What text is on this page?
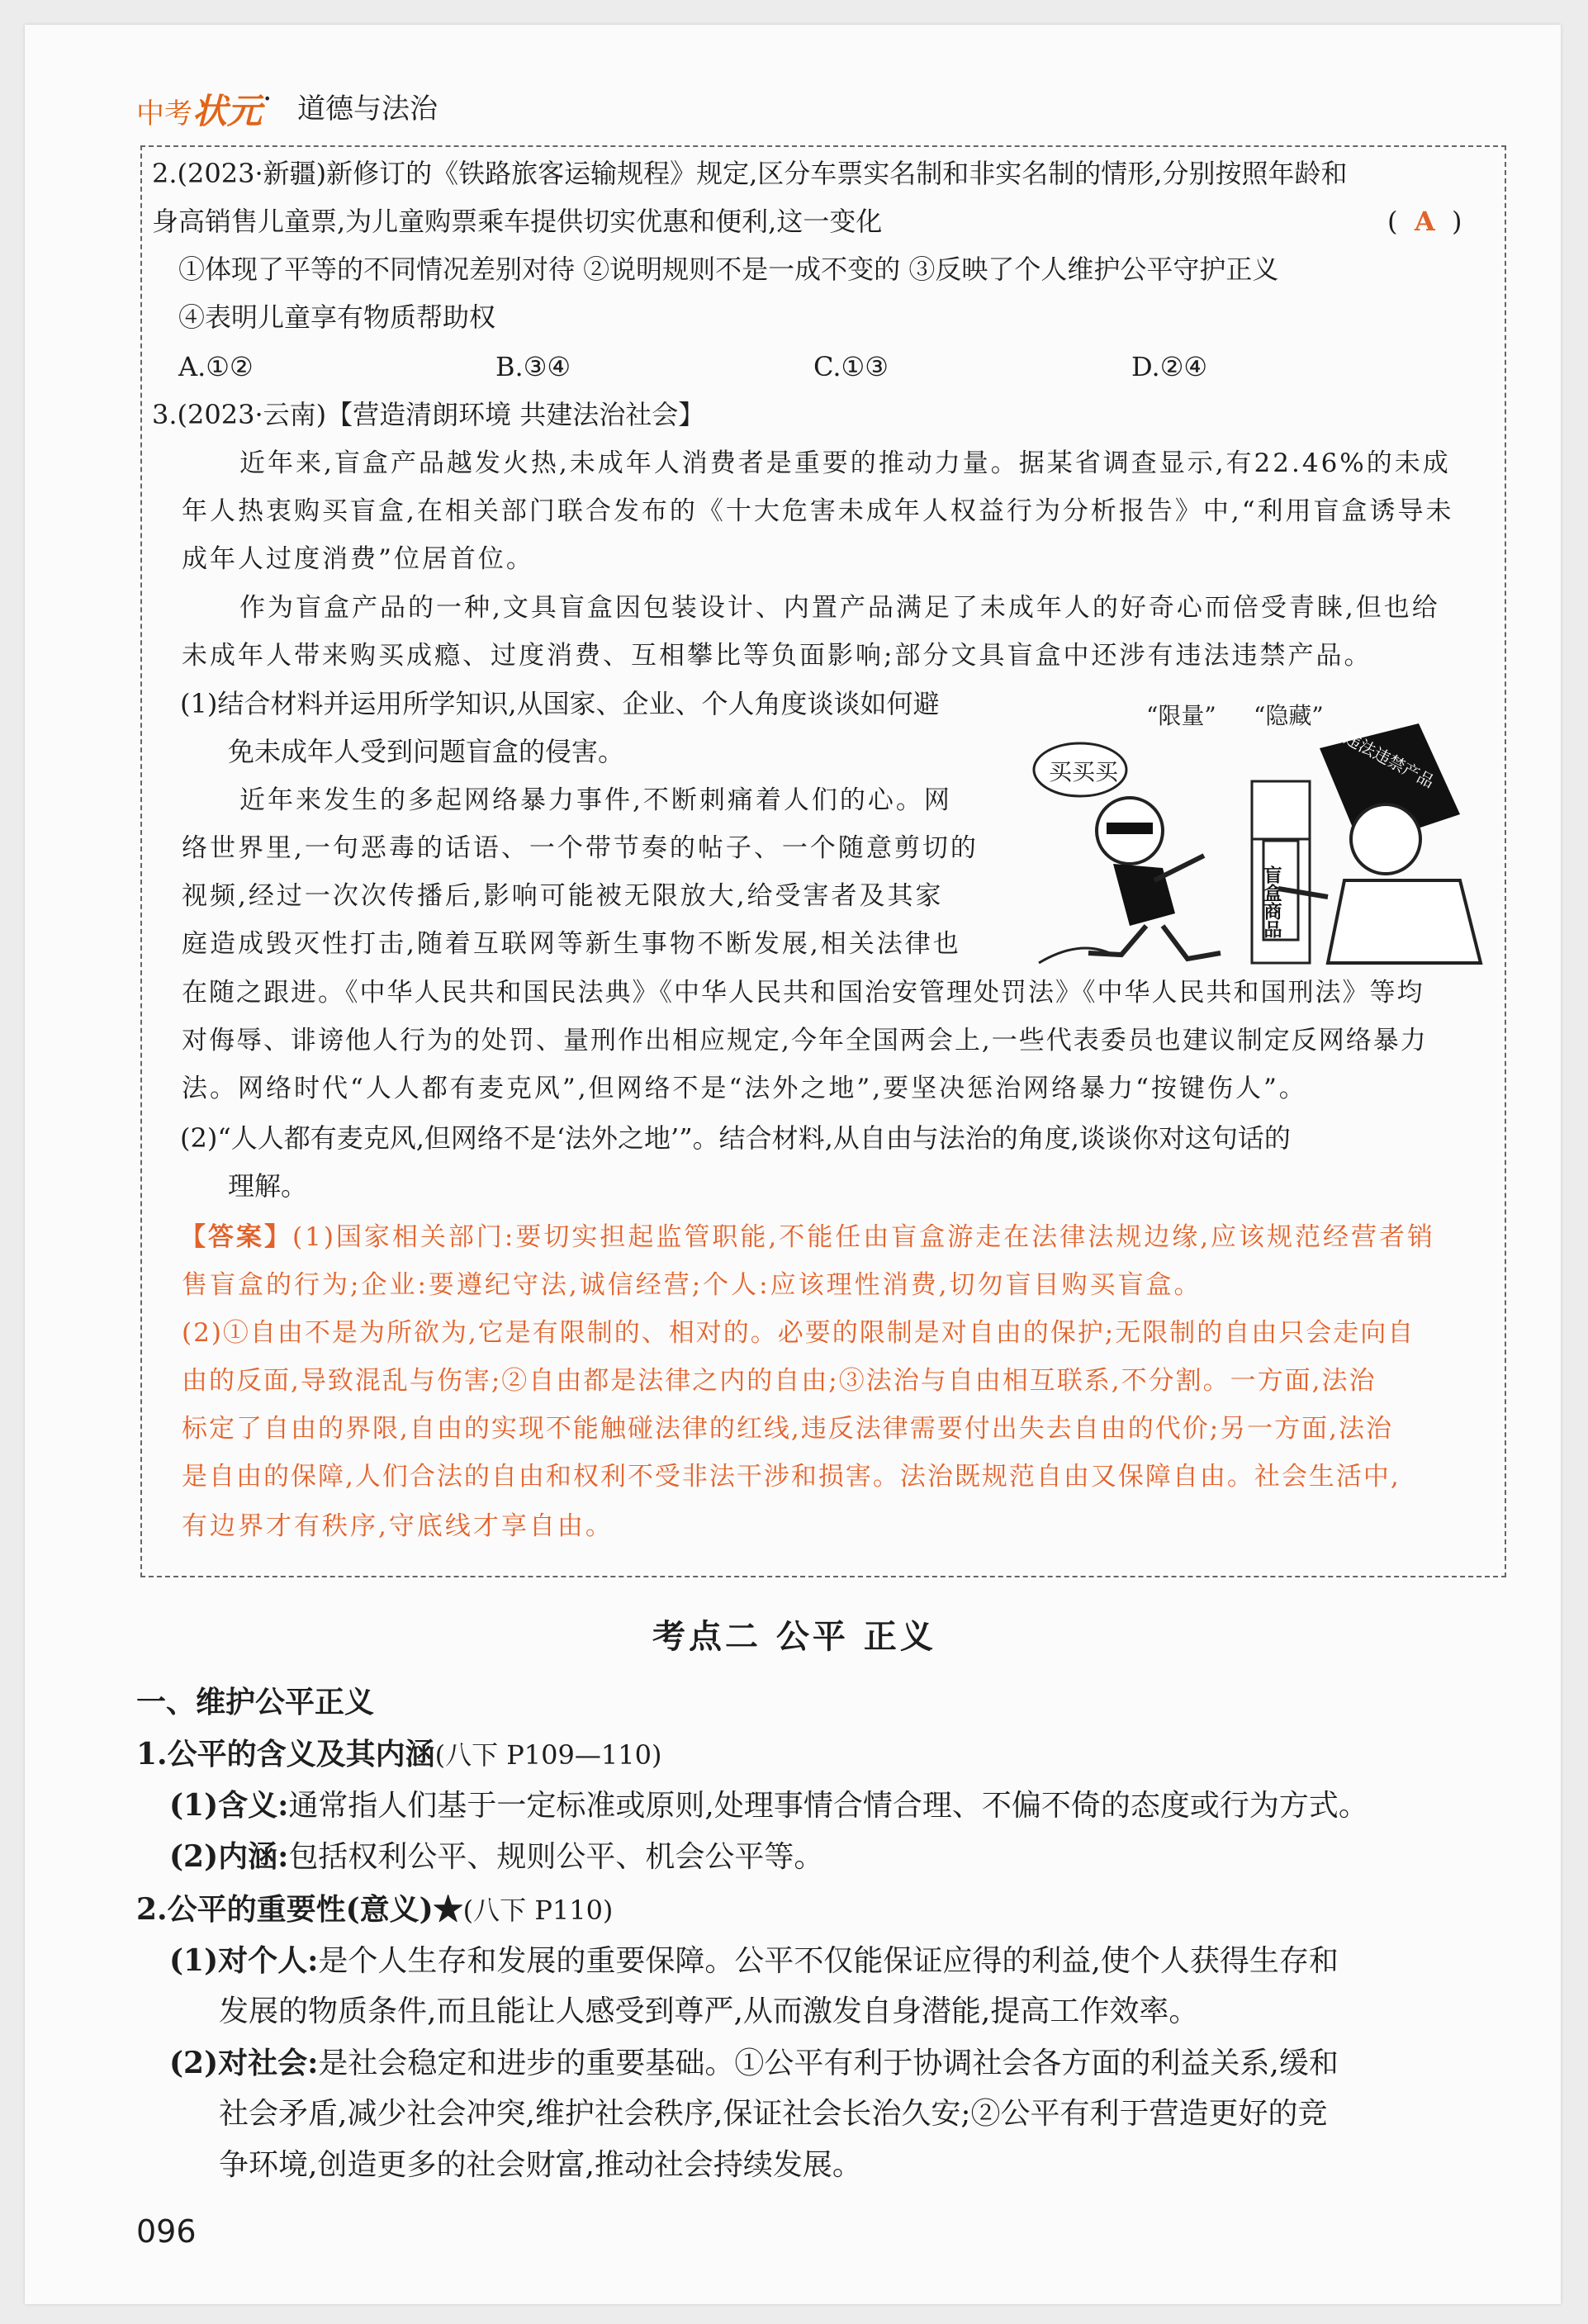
中考状元 · 道德与法治
2.(2023·新疆)新修订的《铁路旅客运输规程》规定,区分车票实名制和非实名制的情形,分别按照年龄和
身高销售儿童票,为儿童购票乘车提供切实优惠和便利,这一变化	( A )
①体现了平等的不同情况差别对待 ②说明规则不是一成不变的 ③反映了个人维护公平守护正义
④表明儿童享有物质帮助权
A.①②	B.③④	C.①③	D.②④
3.(2023·云南)【营造清朗环境 共建法治社会】
近年来,盲盒产品越发火热,未成年人消费者是重要的推动力量。据某省调查显示,有22.46%的未成
年人热衷购买盲盒,在相关部门联合发布的《十大危害未成年人权益行为分析报告》中,“利用盲盒诱导未
成年人过度消费”位居首位。
作为盲盒产品的一种,文具盲盒因包装设计、内置产品满足了未成年人的好奇心而倍受青睐,但也给
未成年人带来购买成瘾、过度消费、互相攀比等负面影响;部分文具盲盒中还涉有违法违禁产品。
(1)结合材料并运用所学知识,从国家、企业、个人角度谈谈如何避
免未成年人受到问题盲盒的侵害。
近年来发生的多起网络暴力事件,不断刺痛着人们的心。网
络世界里,一句恶毒的话语、一个带节奏的帖子、一个随意剪切的
视频,经过一次次传播后,影响可能被无限放大,给受害者及其家
庭造成毁灭性打击,随着互联网等新生事物不断发展,相关法律也
在随之跟进。《中华人民共和国民法典》《中华人民共和国治安管理处罚法》《中华人民共和国刑法》等均
对侮辱、诽谤他人行为的处罚、量刑作出相应规定,今年全国两会上,一些代表委员也建议制定反网络暴力
法。网络时代“人人都有麦克风”,但网络不是“法外之地”,要坚决惩治网络暴力“按键伤人”。
(2)“人人都有麦克风,但网络不是‘法外之地’”。结合材料,从自由与法治的角度,谈谈你对这句话的
理解。
【答案】(1)国家相关部门:要切实担起监管职能,不能任由盲盒游走在法律法规边缘,应该规范经营者销
售盲盒的行为;企业:要遵纪守法,诚信经营;个人:应该理性消费,切勿盲目购买盲盒。
(2)①自由不是为所欲为,它是有限制的、相对的。必要的限制是对自由的保护;无限制的自由只会走向自
由的反面,导致混乱与伤害;②自由都是法律之内的自由;③法治与自由相互联系,不分割。一方面,法治
标定了自由的界限,自由的实现不能触碰法律的红线,违反法律需要付出失去自由的代价;另一方面,法治
是自由的保障,人们合法的自由和权利不受非法干涉和损害。法治既规范自由又保障自由。社会生活中,
有边界才有秩序,守底线才享自由。
买买买
“限量” “隐藏”
盲盒商品
违法违禁产品
考点二 公平 正义
一、维护公平正义
1.公平的含义及其内涵(八下 P109—110)
(1)含义:通常指人们基于一定标准或原则,处理事情合情合理、不偏不倚的态度或行为方式。
(2)内涵:包括权利公平、规则公平、机会公平等。
2.公平的重要性(意义)★(八下 P110)
(1)对个人:是个人生存和发展的重要保障。公平不仅能保证应得的利益,使个人获得生存和
发展的物质条件,而且能让人感受到尊严,从而激发自身潜能,提高工作效率。
(2)对社会:是社会稳定和进步的重要基础。①公平有利于协调社会各方面的利益关系,缓和
社会矛盾,减少社会冲突,维护社会秩序,保证社会长治久安;②公平有利于营造更好的竞
争环境,创造更多的社会财富,推动社会持续发展。
096
